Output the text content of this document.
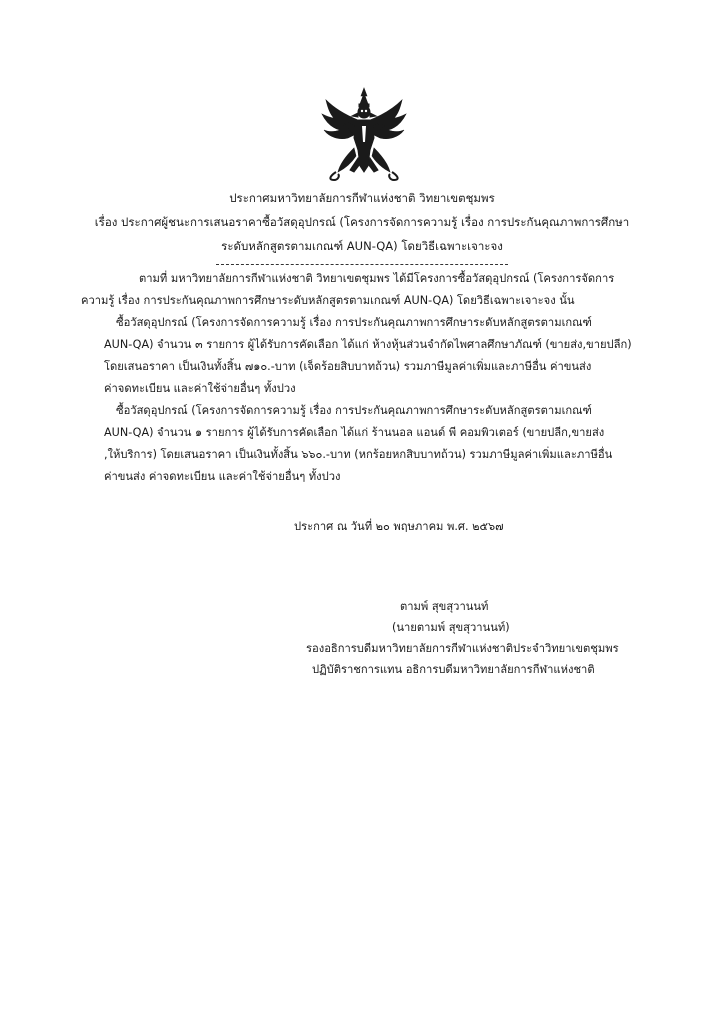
ประกาศมหาวิทยาลัยการกีฬาแห่งชาติ วิทยาเขตชุมพร
เรื่อง ประกาศผู้ชนะการเสนอราคาซื้อวัสดุอุปกรณ์ (โครงการจัดการความรู้ เรื่อง การประกันคุณภาพการศึกษา
ระดับหลักสูตรตามเกณฑ์ AUN-QA) โดยวิธีเฉพาะเจาะจง
ตามที่ มหาวิทยาลัยการกีฬาแห่งชาติ วิทยาเขตชุมพร ได้มีโครงการซื้อวัสดุอุปกรณ์ (โครงการจัดการ
ความรู้ เรื่อง การประกันคุณภาพการศึกษาระดับหลักสูตรตามเกณฑ์ AUN-QA) โดยวิธีเฉพาะเจาะจง นั้น
ซื้อวัสดุอุปกรณ์ (โครงการจัดการความรู้ เรื่อง การประกันคุณภาพการศึกษาระดับหลักสูตรตามเกณฑ์
AUN-QA) จำนวน ๓ รายการ ผู้ได้รับการคัดเลือก ได้แก่ ห้างหุ้นส่วนจำกัดไพศาลศึกษาภัณฑ์ (ขายส่ง,ขายปลีก)
โดยเสนอราคา เป็นเงินทั้งสิ้น ๗๑๐.-บาท (เจ็ดร้อยสิบบาทถ้วน) รวมภาษีมูลค่าเพิ่มและภาษีอื่น ค่าขนส่ง
ค่าจดทะเบียน และค่าใช้จ่ายอื่นๆ ทั้งปวง
ซื้อวัสดุอุปกรณ์ (โครงการจัดการความรู้ เรื่อง การประกันคุณภาพการศึกษาระดับหลักสูตรตามเกณฑ์
AUN-QA) จำนวน ๑ รายการ ผู้ได้รับการคัดเลือก ได้แก่ ร้านนอล แอนด์ พี คอมพิวเตอร์ (ขายปลีก,ขายส่ง
,ให้บริการ) โดยเสนอราคา เป็นเงินทั้งสิ้น ๖๖๐.-บาท (หกร้อยหกสิบบาทถ้วน) รวมภาษีมูลค่าเพิ่มและภาษีอื่น
ค่าขนส่ง ค่าจดทะเบียน และค่าใช้จ่ายอื่นๆ ทั้งปวง
ประกาศ ณ วันที่ ๒๐ พฤษภาคม พ.ศ. ๒๕๖๗
ตามพ์ สุขสุวานนท์
(นายตามพ์ สุขสุวานนท์)
รองอธิการบดีมหาวิทยาลัยการกีฬาแห่งชาติประจำวิทยาเขตชุมพร
ปฏิบัติราชการแทน อธิการบดีมหาวิทยาลัยการกีฬาแห่งชาติ
